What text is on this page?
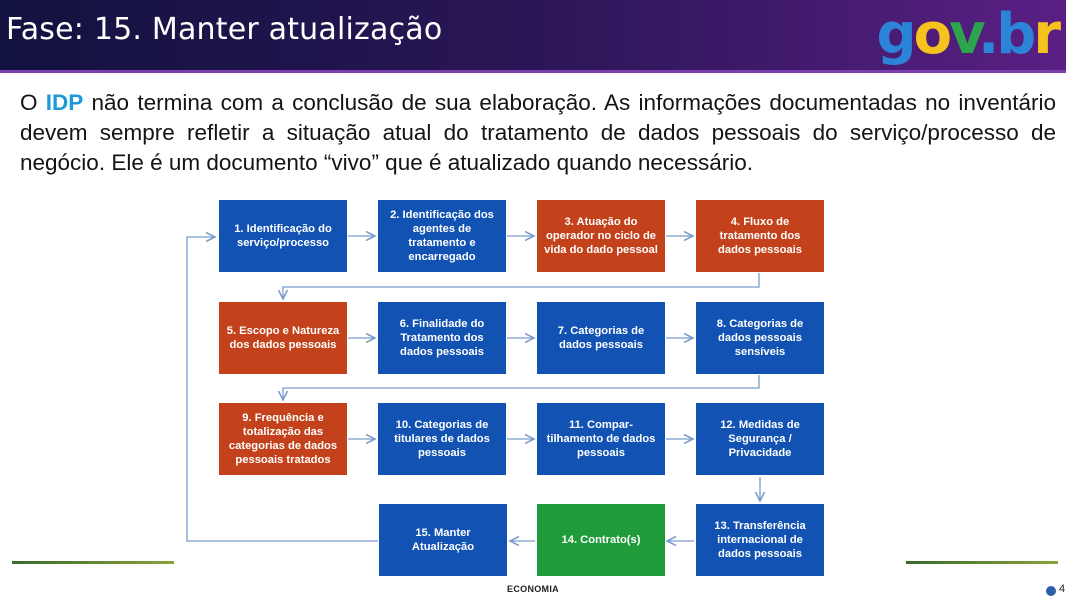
Fase: 15. Manter atualização	gov.br
O IDP não termina com a conclusão de sua elaboração. As informações documentadas no inventário devem sempre refletir a situação atual do tratamento de dados pessoais do serviço/processo de negócio. Ele é um documento “vivo” que é atualizado quando necessário.
1. Identificação do serviço/processo
2. Identificação dos agentes de tratamento e encarregado
3. Atuação do operador no ciclo de vida do dado pessoal
4. Fluxo de tratamento dos dados pessoais
5. Escopo e Natureza dos dados pessoais
6. Finalidade do Tratamento dos dados pessoais
7. Categorias de dados pessoais
8. Categorias de dados pessoais sensíveis
9. Frequência e totalização das categorias de dados pessoais tratados
10. Categorias de titulares de dados pessoais
11. Compar-tilhamento de dados pessoais
12. Medidas de Segurança / Privacidade
13. Transferência internacional de dados pessoais
14. Contrato(s)
15. Manter Atualização
ECONOMIA	4
